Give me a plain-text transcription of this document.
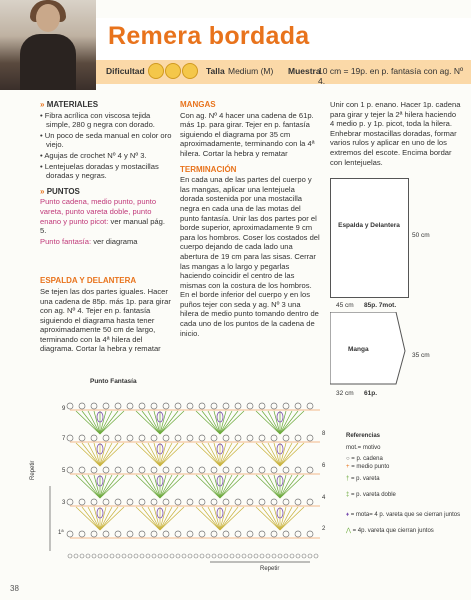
Remera bordada
Dificultad	Talla Medium (M) Muestra
10 cm = 19p. en p. fantasía con ag. Nº 4.

» MATERIALES

• Fibra acrílica con viscosa tejida simple, 280 g negra con dorado.

• Un poco de seda manual en color oro viejo.

• Agujas de crochet Nº 4 y Nº 3.

• Lentejuelas doradas y mostacillas doradas y negras.

» PUNTOS

Punto cadena, medio punto, punto vareta, punto vareta doble, punto enano y punto picot: ver manual pág. 5.

Punto fantasía: ver diagrama

ESPALDA Y DELANTERA

Se tejen las dos partes iguales. Hacer una cadena de 85p. más 1p. para girar con ag. Nº 4. Tejer en p. fantasía siguiendo el diagrama hasta tener aproximadamente 50 cm de largo, terminando con la 4ª hilera del diagrama. Cortar la hebra y rematar

MANGAS

Con ag. Nº 4 hacer una cadena de 61p. más 1p. para girar. Tejer en p. fantasía siguiendo el diagrama por 35 cm aproximadamente, terminando con la 4ª hilera. Cortar la hebra y rematar

TERMINACIÓN

En cada una de las partes del cuerpo y las mangas, aplicar una lentejuela dorada sostenida por una mostacilla negra en cada una de las motas del punto fantasía. Unir las dos partes por el borde superior, aproximadamente 9 cm para los hombros. Coser los costados del cuerpo dejando de cada lado una abertura de 19 cm para las sisas. Cerrar las mangas a lo largo y pegarlas haciendo coincidir el centro de las mismas con la costura de los hombros. En el borde inferior del cuerpo y en los puños tejer con seda y ag. Nº 3 una hilera de medio punto tomando dentro de cada uno de los puntos de la cadena de inicio.

Unir con 1 p. enano. Hacer 1p. cadena para girar y tejer la 2ª hilera haciendo 4 medio p. y 1p. picot, toda la hilera. Enhebrar mostacillas doradas, formar varios rulos y aplicar en uno de los extremos del escote. Encima bordar con lentejuelas.

Espalda y Delantera
50 cm
45 cm 85p. 7mot.
Manga
35 cm
32 cm 61p.
Punto Fantasía
Repetir
Repetir
9
7
5
3
1ª
8
6
4
2
Referencias
mot.= motivo
○ = p. cadena
+ = medio punto
† = p. vareta
‡ = p. vareta doble
♦ = mota= 4 p. vareta que se cierran juntos
⋀ = 4p. vareta que cierran juntos
38
